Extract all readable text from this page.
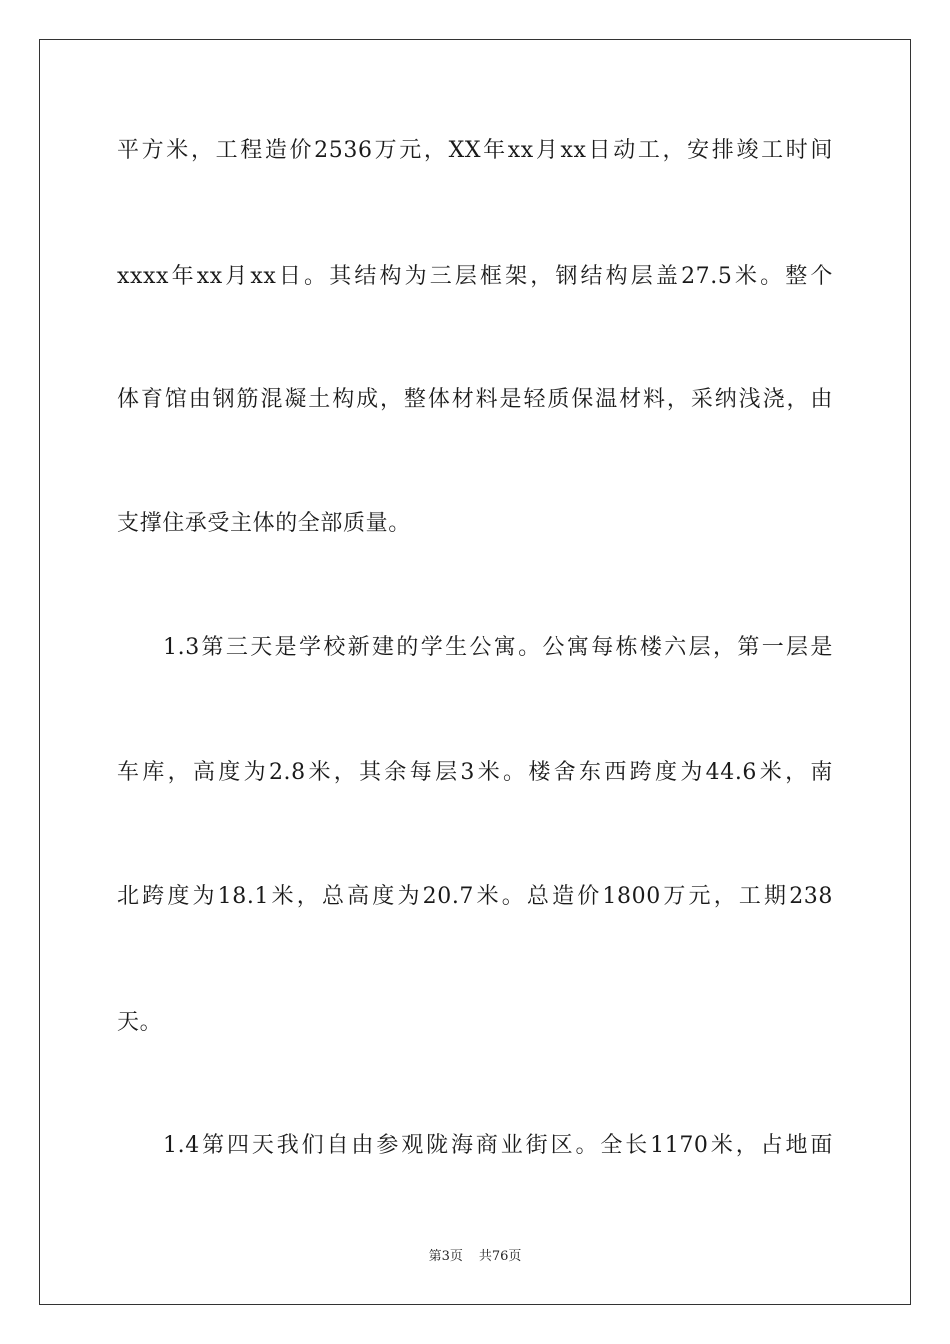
平方米，工程造价2536万元，XX年xx月xx日动工，安排竣工时间
xxxx年xx月xx日。其结构为三层框架，钢结构层盖27.5米。整个
体育馆由钢筋混凝土构成，整体材料是轻质保温材料，采纳浅浇，由
支撑住承受主体的全部质量。
1.3第三天是学校新建的学生公寓。公寓每栋楼六层，第一层是
车库，高度为2.8米，其余每层3米。楼舍东西跨度为44.6米，南
北跨度为18.1米，总高度为20.7米。总造价1800万元，工期238
天。
1.4第四天我们自由参观陇海商业街区。全长1170米，占地面
第3页 共76页
